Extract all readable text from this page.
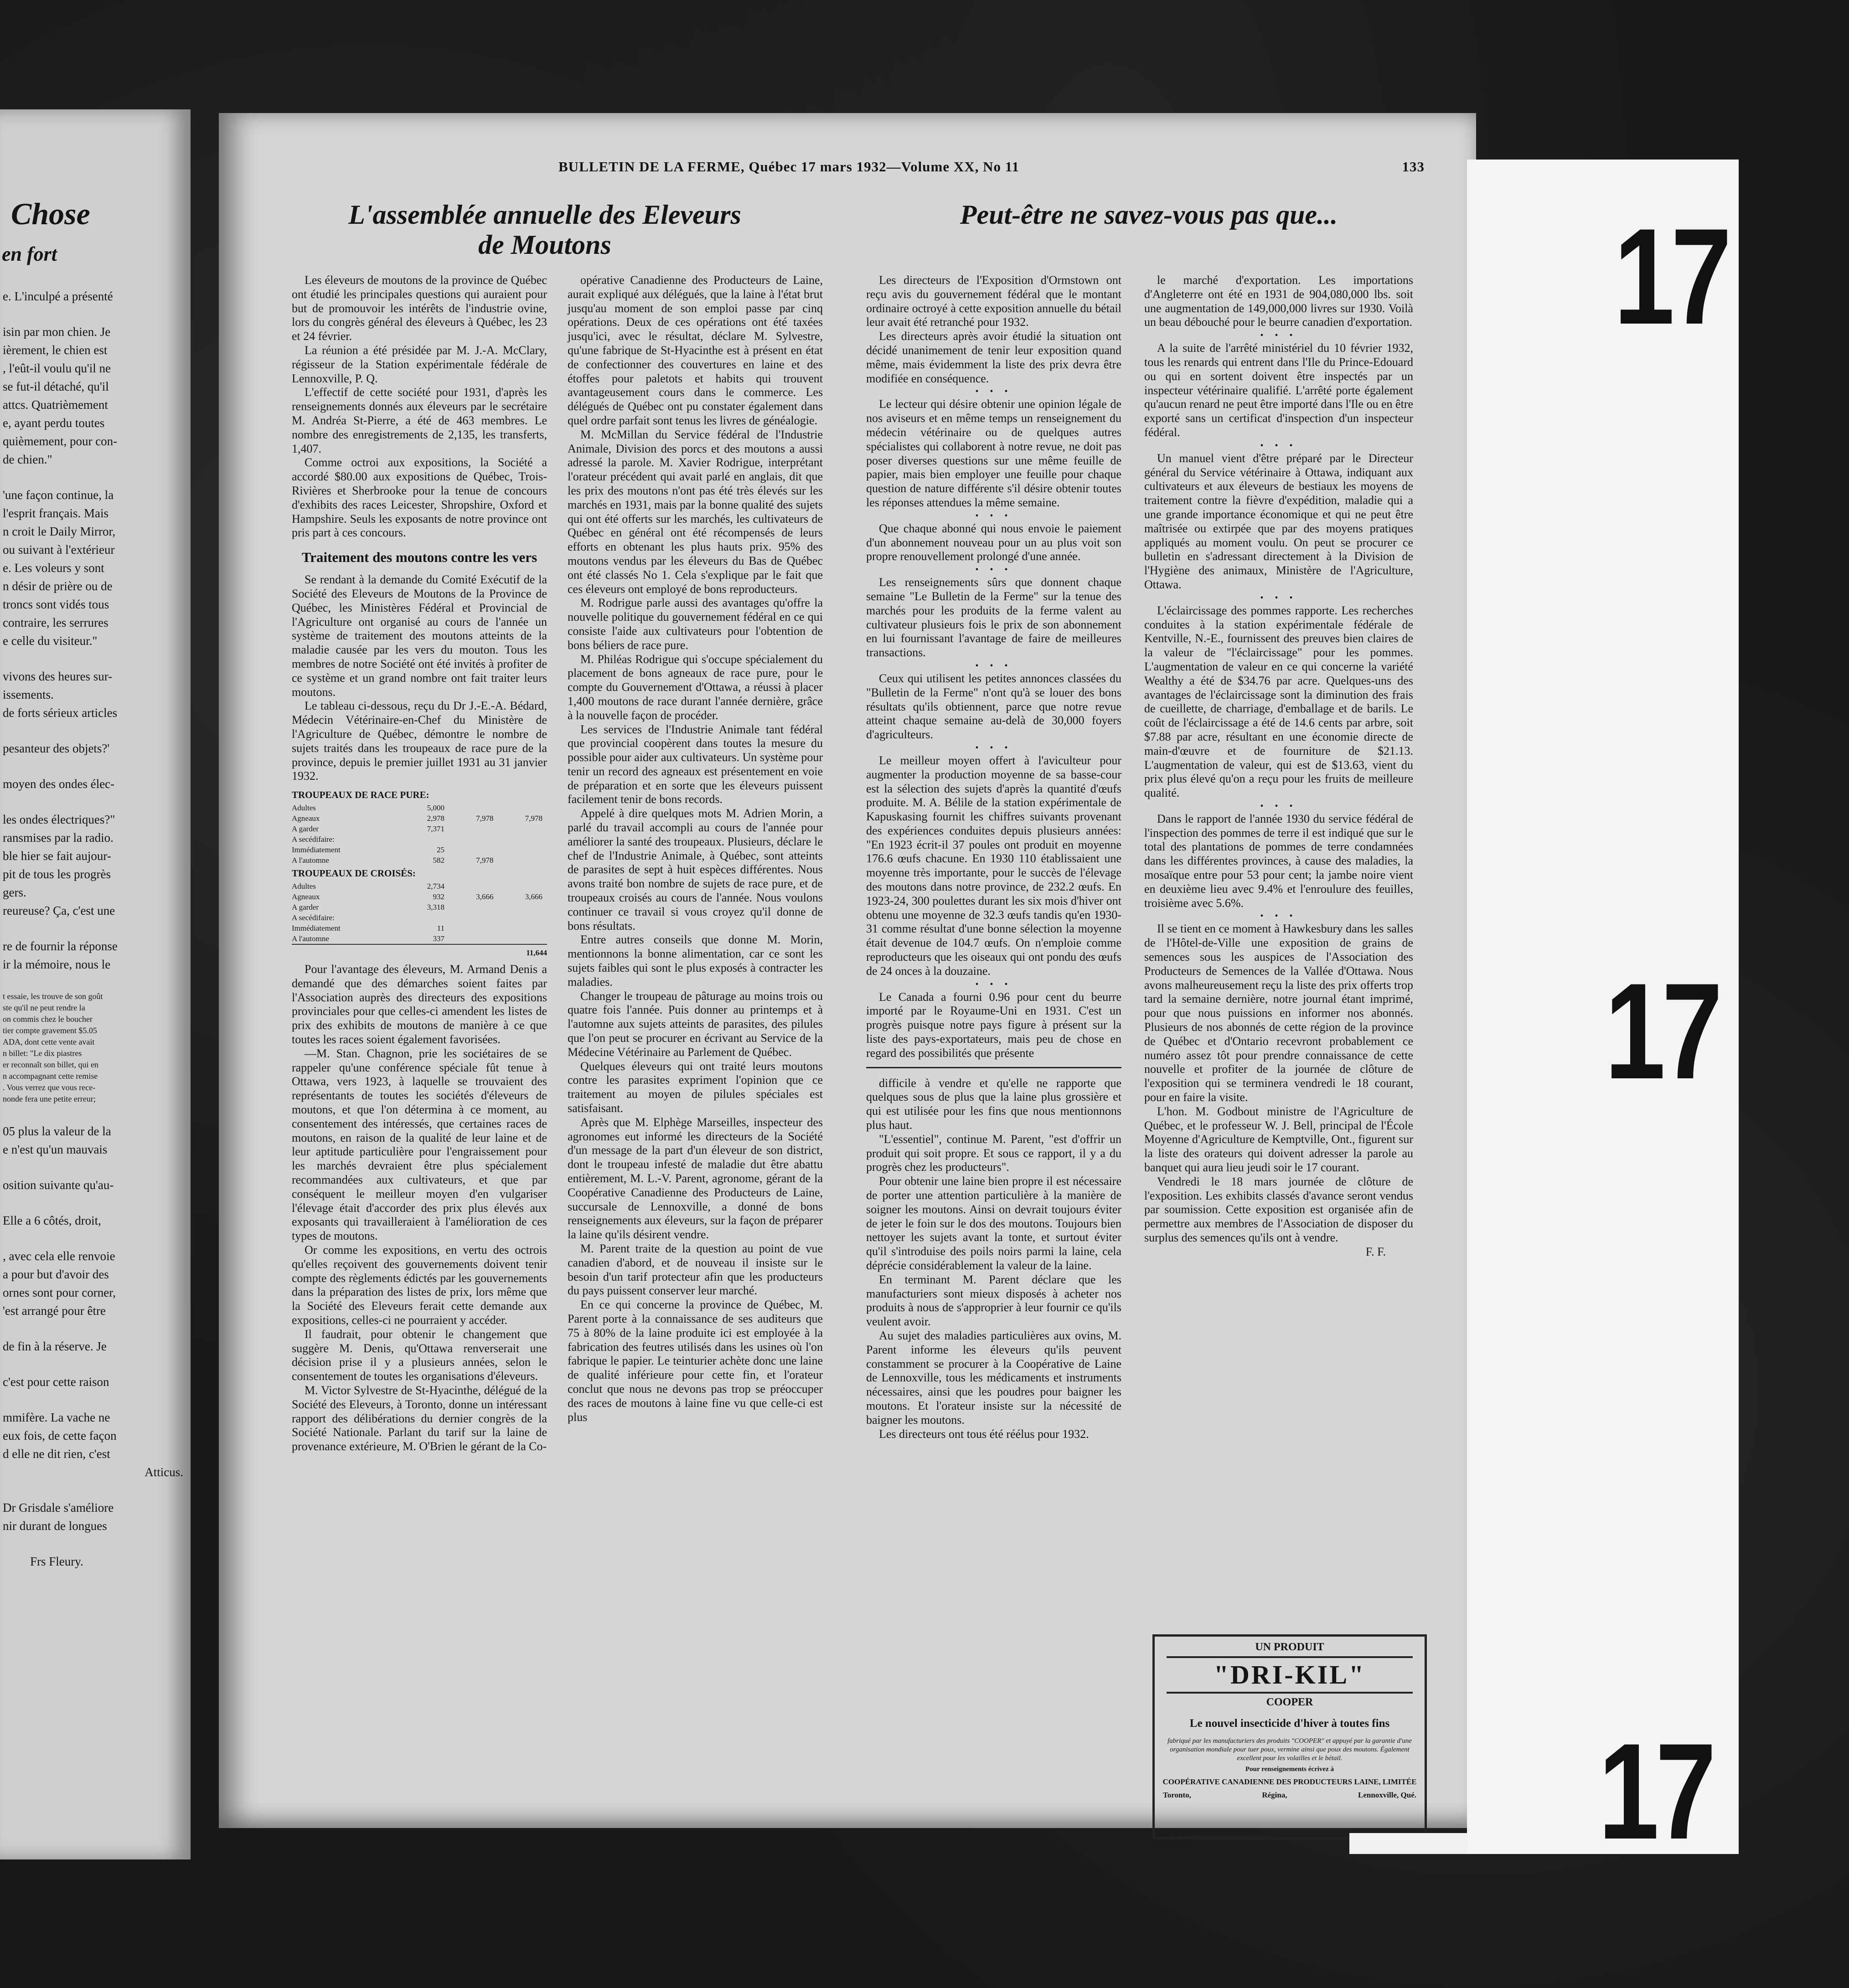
Chose
en fort
e. L'inculpé a présenté
isin par mon chien. Je
ièrement, le chien est
, l'eût-il voulu qu'il ne
se fut-il détaché, qu'il
attcs. Quatrièmement
e, ayant perdu toutes
quièmement, pour con-
de chien."
'une façon continue, la
l'esprit français. Mais
n croit le Daily Mirror,
ou suivant à l'extérieur
e. Les voleurs y sont
n désir de prière ou de
troncs sont vidés tous
contraire, les serrures
e celle du visiteur."
vivons des heures sur-
issements.
de forts sérieux articles
pesanteur des objets?'
moyen des ondes élec-
les ondes électriques?"
ransmises par la radio.
ble hier se fait aujour-
pit de tous les progrès
gers.
reureuse? Ça, c'est une
re de fournir la réponse
ir la mémoire, nous le
t essaie, les trouve de son goût
ste qu'il ne peut rendre la
on commis chez le boucher
tier compte gravement $5.05
ADA, dont cette vente avait
n billet: "Le dix piastres
er reconnaît son billet, qui en
n accompagnant cette remise
. Vous verrez que vous rece-
nonde fera une petite erreur;
05 plus la valeur de la
e n'est qu'un mauvais
osition suivante qu'au-
Elle a 6 côtés, droit,
, avec cela elle renvoie
a pour but d'avoir des
ornes sont pour corner,
'est arrangé pour être
de fin à la réserve. Je
c'est pour cette raison
mmifère. La vache ne
eux fois, de cette façon
d elle ne dit rien, c'est
Atticus.
Dr Grisdale s'améliore
nir durant de longues
Frs Fleury.
BULLETIN DE LA FERME, Québec 17 mars 1932—Volume XX, No 11	133
L'assemblée annuelle des Eleveurs
de Moutons
Peut-être ne savez-vous pas que...

Les éleveurs de moutons de la province de Québec ont étudié les principales questions qui auraient pour but de promouvoir les intérêts de l'industrie ovine, lors du congrès général des éleveurs à Québec, les 23 et 24 février.

La réunion a été présidée par M. J.-A. McClary, régisseur de la Station expérimentale fédérale de Lennoxville, P. Q.

L'effectif de cette société pour 1931, d'après les renseignements donnés aux éleveurs par le secrétaire M. Andréa St-Pierre, a été de 463 membres. Le nombre des enregistrements de 2,135, les transferts, 1,407.

Comme octroi aux expositions, la Société a accordé $80.00 aux expositions de Québec, Trois-Rivières et Sherbrooke pour la tenue de concours d'exhibits des races Leicester, Shropshire, Oxford et Hampshire. Seuls les exposants de notre province ont pris part à ces concours.

Traitement des moutons contre les vers

Se rendant à la demande du Comité Exécutif de la Société des Eleveurs de Moutons de la Province de Québec, les Ministères Fédéral et Provincial de l'Agriculture ont organisé au cours de l'année un système de traitement des moutons atteints de la maladie causée par les vers du mouton. Tous les membres de notre Société ont été invités à profiter de ce système et un grand nombre ont fait traiter leurs moutons.

Le tableau ci-dessous, reçu du Dr J.-E.-A. Bédard, Médecin Vétérinaire-en-Chef du Ministère de l'Agriculture de Québec, démontre le nombre de sujets traités dans les troupeaux de race pure de la province, depuis le premier juillet 1931 au 31 janvier 1932.

TROUPEAUX DE RACE PURE:			
Adultes	5,000		
Agneaux	2,978	7,978	7,978
A garder	7,371		
A secédifaire:			
Immédiatement	25		
A l'automne	582	7,978	
TROUPEAUX DE CROISÉS:			
Adultes	2,734		
Agneaux	932	3,666	3,666
A garder	3,318		
A secédifaire:			
Immédiatement	11		
A l'automne	337		
11,644			

Pour l'avantage des éleveurs, M. Armand Denis a demandé que des démarches soient faites par l'Association auprès des directeurs des expositions provinciales pour que celles-ci amendent les listes de prix des exhibits de moutons de manière à ce que toutes les races soient également favorisées.

—M. Stan. Chagnon, prie les sociétaires de se rappeler qu'une conférence spéciale fût tenue à Ottawa, vers 1923, à laquelle se trouvaient des représentants de toutes les sociétés d'éleveurs de moutons, et que l'on détermina à ce moment, au consentement des intéressés, que certaines races de moutons, en raison de la qualité de leur laine et de leur aptitude particulière pour l'engraissement pour les marchés devraient être plus spécialement recommandées aux cultivateurs, et que par conséquent le meilleur moyen d'en vulgariser l'élevage était d'accorder des prix plus élevés aux exposants qui travailleraient à l'amélioration de ces types de moutons.

Or comme les expositions, en vertu des octrois qu'elles reçoivent des gouvernements doivent tenir compte des règlements édictés par les gouvernements dans la préparation des listes de prix, lors même que la Société des Eleveurs ferait cette demande aux expositions, celles-ci ne pourraient y accéder.

Il faudrait, pour obtenir le changement que suggère M. Denis, qu'Ottawa renverserait une décision prise il y a plusieurs années, selon le consentement de toutes les organisations d'éleveurs.

M. Victor Sylvestre de St-Hyacinthe, délégué de la Société des Eleveurs, à Toronto, donne un intéressant rapport des délibérations du dernier congrès de la Société Nationale. Parlant du tarif sur la laine de provenance extérieure, M. O'Brien le gérant de la Co-

opérative Canadienne des Producteurs de Laine, aurait expliqué aux délégués, que la laine à l'état brut jusqu'au moment de son emploi passe par cinq opérations. Deux de ces opérations ont été taxées jusqu'ici, avec le résultat, déclare M. Sylvestre, qu'une fabrique de St-Hyacinthe est à présent en état de confectionner des couvertures en laine et des étoffes pour paletots et habits qui trouvent avantageusement cours dans le commerce. Les délégués de Québec ont pu constater également dans quel ordre parfait sont tenus les livres de généalogie.

M. McMillan du Service fédéral de l'Industrie Animale, Division des porcs et des moutons a aussi adressé la parole. M. Xavier Rodrigue, interprétant l'orateur précédent qui avait parlé en anglais, dit que les prix des moutons n'ont pas été très élevés sur les marchés en 1931, mais par la bonne qualité des sujets qui ont été offerts sur les marchés, les cultivateurs de Québec en général ont été récompensés de leurs efforts en obtenant les plus hauts prix. 95% des moutons vendus par les éleveurs du Bas de Québec ont été classés No 1. Cela s'explique par le fait que ces éleveurs ont employé de bons reproducteurs.

M. Rodrigue parle aussi des avantages qu'offre la nouvelle politique du gouvernement fédéral en ce qui consiste l'aide aux cultivateurs pour l'obtention de bons béliers de race pure.

M. Philéas Rodrigue qui s'occupe spécialement du placement de bons agneaux de race pure, pour le compte du Gouvernement d'Ottawa, a réussi à placer 1,400 moutons de race durant l'année dernière, grâce à la nouvelle façon de procéder.

Les services de l'Industrie Animale tant fédéral que provincial coopèrent dans toutes la mesure du possible pour aider aux cultivateurs. Un système pour tenir un record des agneaux est présentement en voie de préparation et en sorte que les éleveurs puissent facilement tenir de bons records.

Appelé à dire quelques mots M. Adrien Morin, a parlé du travail accompli au cours de l'année pour améliorer la santé des troupeaux. Plusieurs, déclare le chef de l'Industrie Animale, à Québec, sont atteints de parasites de sept à huit espèces différentes. Nous avons traité bon nombre de sujets de race pure, et de troupeaux croisés au cours de l'année. Nous voulons continuer ce travail si vous croyez qu'il donne de bons résultats.

Entre autres conseils que donne M. Morin, mentionnons la bonne alimentation, car ce sont les sujets faibles qui sont le plus exposés à contracter les maladies.

Changer le troupeau de pâturage au moins trois ou quatre fois l'année. Puis donner au printemps et à l'automne aux sujets atteints de parasites, des pilules que l'on peut se procurer en écrivant au Service de la Médecine Vétérinaire au Parlement de Québec.

Quelques éleveurs qui ont traité leurs moutons contre les parasites expriment l'opinion que ce traitement au moyen de pilules spéciales est satisfaisant.

Après que M. Elphège Marseilles, inspecteur des agronomes eut informé les directeurs de la Société d'un message de la part d'un éleveur de son district, dont le troupeau infesté de maladie dut être abattu entièrement, M. L.-V. Parent, agronome, gérant de la Coopérative Canadienne des Producteurs de Laine, succursale de Lennoxville, a donné de bons renseignements aux éleveurs, sur la façon de préparer la laine qu'ils désirent vendre.

M. Parent traite de la question au point de vue canadien d'abord, et de nouveau il insiste sur le besoin d'un tarif protecteur afin que les producteurs du pays puissent conserver leur marché.

En ce qui concerne la province de Québec, M. Parent porte à la connaissance de ses auditeurs que 75 à 80% de la laine produite ici est employée à la fabrication des feutres utilisés dans les usines où l'on fabrique le papier. Le teinturier achète donc une laine de qualité inférieure pour cette fin, et l'orateur conclut que nous ne devons pas trop se préoccuper des races de moutons à laine fine vu que celle-ci est plus

Les directeurs de l'Exposition d'Ormstown ont reçu avis du gouvernement fédéral que le montant ordinaire octroyé à cette exposition annuelle du bétail leur avait été retranché pour 1932.

Les directeurs après avoir étudié la situation ont décidé unanimement de tenir leur exposition quand même, mais évidemment la liste des prix devra être modifiée en conséquence.

• • •

Le lecteur qui désire obtenir une opinion légale de nos aviseurs et en même temps un renseignement du médecin vétérinaire ou de quelques autres spécialistes qui collaborent à notre revue, ne doit pas poser diverses questions sur une même feuille de papier, mais bien employer une feuille pour chaque question de nature différente s'il désire obtenir toutes les réponses attendues la même semaine.

• • •

Que chaque abonné qui nous envoie le paiement d'un abonnement nouveau pour un au plus voit son propre renouvellement prolongé d'une année.

• • •

Les renseignements sûrs que donnent chaque semaine "Le Bulletin de la Ferme" sur la tenue des marchés pour les produits de la ferme valent au cultivateur plusieurs fois le prix de son abonnement en lui fournissant l'avantage de faire de meilleures transactions.

• • •

Ceux qui utilisent les petites annonces classées du "Bulletin de la Ferme" n'ont qu'à se louer des bons résultats qu'ils obtiennent, parce que notre revue atteint chaque semaine au-delà de 30,000 foyers d'agriculteurs.

• • •

Le meilleur moyen offert à l'aviculteur pour augmenter la production moyenne de sa basse-cour est la sélection des sujets d'après la quantité d'œufs produite. M. A. Bélile de la station expérimentale de Kapuskasing fournit les chiffres suivants provenant des expériences conduites depuis plusieurs années: "En 1923 écrit-il 37 poules ont produit en moyenne 176.6 œufs chacune. En 1930 110 établissaient une moyenne très importante, pour le succès de l'élevage des moutons dans notre province, de 232.2 œufs. En 1923-24, 300 poulettes durant les six mois d'hiver ont obtenu une moyenne de 32.3 œufs tandis qu'en 1930-31 comme résultat d'une bonne sélection la moyenne était devenue de 104.7 œufs. On n'emploie comme reproducteurs que les oiseaux qui ont pondu des œufs de 24 onces à la douzaine.

• • •

Le Canada a fourni 0.96 pour cent du beurre importé par le Royaume-Uni en 1931. C'est un progrès puisque notre pays figure à présent sur la liste des pays-exportateurs, mais peu de chose en regard des possibilités que présente

difficile à vendre et qu'elle ne rapporte que quelques sous de plus que la laine plus grossière et qui est utilisée pour les fins que nous mentionnons plus haut.

"L'essentiel", continue M. Parent, "est d'offrir un produit qui soit propre. Et sous ce rapport, il y a du progrès chez les producteurs".

Pour obtenir une laine bien propre il est nécessaire de porter une attention particulière à la manière de soigner les moutons. Ainsi on devrait toujours éviter de jeter le foin sur le dos des moutons. Toujours bien nettoyer les sujets avant la tonte, et surtout éviter qu'il s'introduise des poils noirs parmi la laine, cela déprécie considérablement la valeur de la laine.

En terminant M. Parent déclare que les manufacturiers sont mieux disposés à acheter nos produits à nous de s'approprier à leur fournir ce qu'ils veulent avoir.

Au sujet des maladies particulières aux ovins, M. Parent informe les éleveurs qu'ils peuvent constamment se procurer à la Coopérative de Laine de Lennoxville, tous les médicaments et instruments nécessaires, ainsi que les poudres pour baigner les moutons. Et l'orateur insiste sur la nécessité de baigner les moutons.

Les directeurs ont tous été réélus pour 1932.

le marché d'exportation. Les importations d'Angleterre ont été en 1931 de 904,080,000 lbs. soit une augmentation de 149,000,000 livres sur 1930. Voilà un beau débouché pour le beurre canadien d'exportation.

• • •

A la suite de l'arrêté ministériel du 10 février 1932, tous les renards qui entrent dans l'Ile du Prince-Edouard ou qui en sortent doivent être inspectés par un inspecteur vétérinaire qualifié. L'arrêté porte également qu'aucun renard ne peut être importé dans l'Ile ou en être exporté sans un certificat d'inspection d'un inspecteur fédéral.

• • •

Un manuel vient d'être préparé par le Directeur général du Service vétérinaire à Ottawa, indiquant aux cultivateurs et aux éleveurs de bestiaux les moyens de traitement contre la fièvre d'expédition, maladie qui a une grande importance économique et qui ne peut être maîtrisée ou extirpée que par des moyens pratiques appliqués au moment voulu. On peut se procurer ce bulletin en s'adressant directement à la Division de l'Hygiène des animaux, Ministère de l'Agriculture, Ottawa.

• • •

L'éclaircissage des pommes rapporte. Les recherches conduites à la station expérimentale fédérale de Kentville, N.-E., fournissent des preuves bien claires de la valeur de "l'éclaircissage" pour les pommes. L'augmentation de valeur en ce qui concerne la variété Wealthy a été de $34.76 par acre. Quelques-uns des avantages de l'éclaircissage sont la diminution des frais de cueillette, de charriage, d'emballage et de barils. Le coût de l'éclaircissage a été de 14.6 cents par arbre, soit $7.88 par acre, résultant en une économie directe de main-d'œuvre et de fourniture de $21.13. L'augmentation de valeur, qui est de $13.63, vient du prix plus élevé qu'on a reçu pour les fruits de meilleure qualité.

• • •

Dans le rapport de l'année 1930 du service fédéral de l'inspection des pommes de terre il est indiqué que sur le total des plantations de pommes de terre condamnées dans les différentes provinces, à cause des maladies, la mosaïque entre pour 53 pour cent; la jambe noire vient en deuxième lieu avec 9.4% et l'enroulure des feuilles, troisième avec 5.6%.

• • •

Il se tient en ce moment à Hawkesbury dans les salles de l'Hôtel-de-Ville une exposition de grains de semences sous les auspices de l'Association des Producteurs de Semences de la Vallée d'Ottawa. Nous avons malheureusement reçu la liste des prix offerts trop tard la semaine dernière, notre journal étant imprimé, pour que nous puissions en informer nos abonnés. Plusieurs de nos abonnés de cette région de la province de Québec et d'Ontario recevront probablement ce numéro assez tôt pour prendre connaissance de cette nouvelle et profiter de la journée de clôture de l'exposition qui se terminera vendredi le 18 courant, pour en faire la visite.

L'hon. M. Godbout ministre de l'Agriculture de Québec, et le professeur W. J. Bell, principal de l'École Moyenne d'Agriculture de Kemptville, Ont., figurent sur la liste des orateurs qui doivent adresser la parole au banquet qui aura lieu jeudi soir le 17 courant.

Vendredi le 18 mars journée de clôture de l'exposition. Les exhibits classés d'avance seront vendus par soumission. Cette exposition est organisée afin de permettre aux membres de l'Association de disposer du surplus des semences qu'ils ont à vendre.

F. F.

UN PRODUIT
"DRI-KIL"
COOPER
Le nouvel insecticide d'hiver à toutes fins
fabriqué par les manufacturiers des produits "COOPER" et appuyé par la garantie d'une organisation mondiale pour tuer poux, vermine ainsi que poux des moutons. Également excellent pour les volailles et le bétail.
Pour renseignements écrivez à
COOPÉRATIVE CANADIENNE DES PRODUCTEURS LAINE, LIMITÉE
Toronto,	Régina,	Lennoxville, Qué.
17
17
17
